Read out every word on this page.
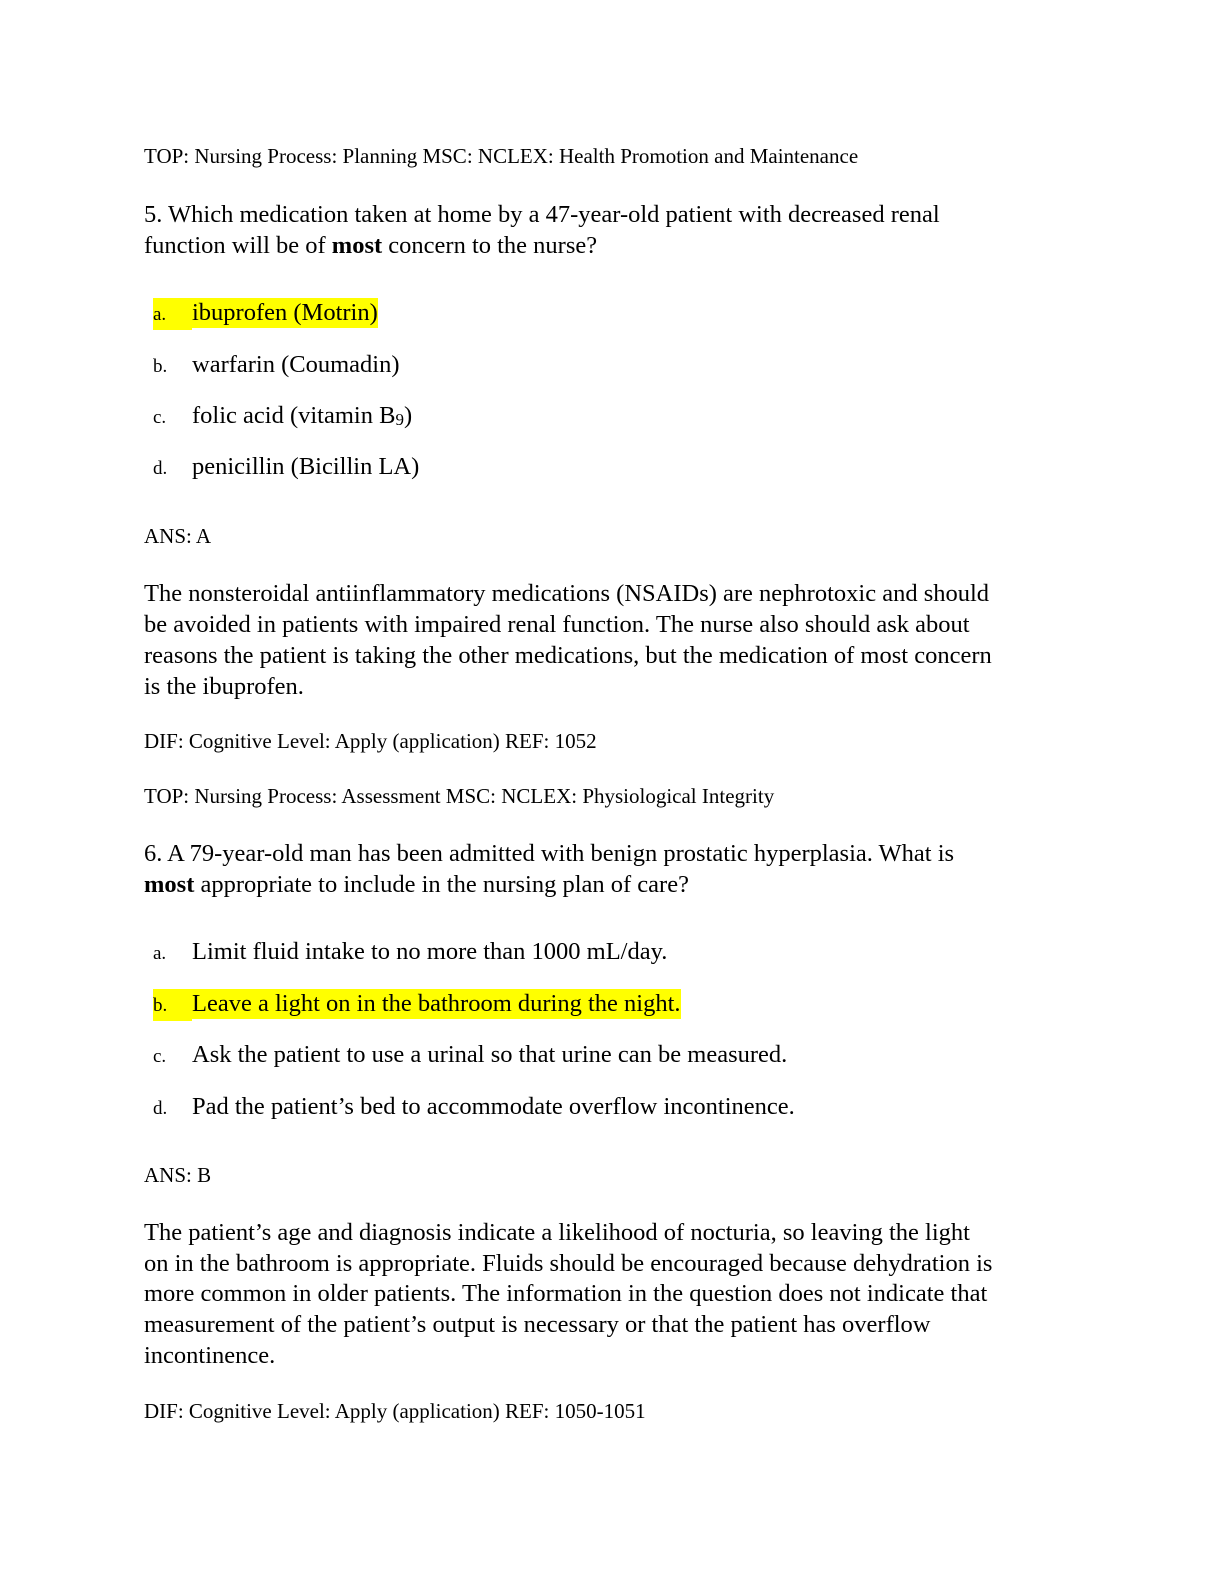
TOP: Nursing Process: Planning MSC: NCLEX: Health Promotion and Maintenance
5. Which medication taken at home by a 47-year-old patient with decreased renal
function will be of most concern to the nurse?
a. ibuprofen (Motrin)
b. warfarin (Coumadin)
c. folic acid (vitamin B9)
d. penicillin (Bicillin LA)
ANS: A
The nonsteroidal antiinflammatory medications (NSAIDs) are nephrotoxic and should
be avoided in patients with impaired renal function. The nurse also should ask about
reasons the patient is taking the other medications, but the medication of most concern
is the ibuprofen.
DIF: Cognitive Level: Apply (application) REF: 1052
TOP: Nursing Process: Assessment MSC: NCLEX: Physiological Integrity
6. A 79-year-old man has been admitted with benign prostatic hyperplasia. What is
most appropriate to include in the nursing plan of care?
a. Limit fluid intake to no more than 1000 mL/day.
b. Leave a light on in the bathroom during the night.
c. Ask the patient to use a urinal so that urine can be measured.
d. Pad the patient’s bed to accommodate overflow incontinence.
ANS: B
The patient’s age and diagnosis indicate a likelihood of nocturia, so leaving the light
on in the bathroom is appropriate. Fluids should be encouraged because dehydration is
more common in older patients. The information in the question does not indicate that
measurement of the patient’s output is necessary or that the patient has overflow
incontinence.
DIF: Cognitive Level: Apply (application) REF: 1050-1051
